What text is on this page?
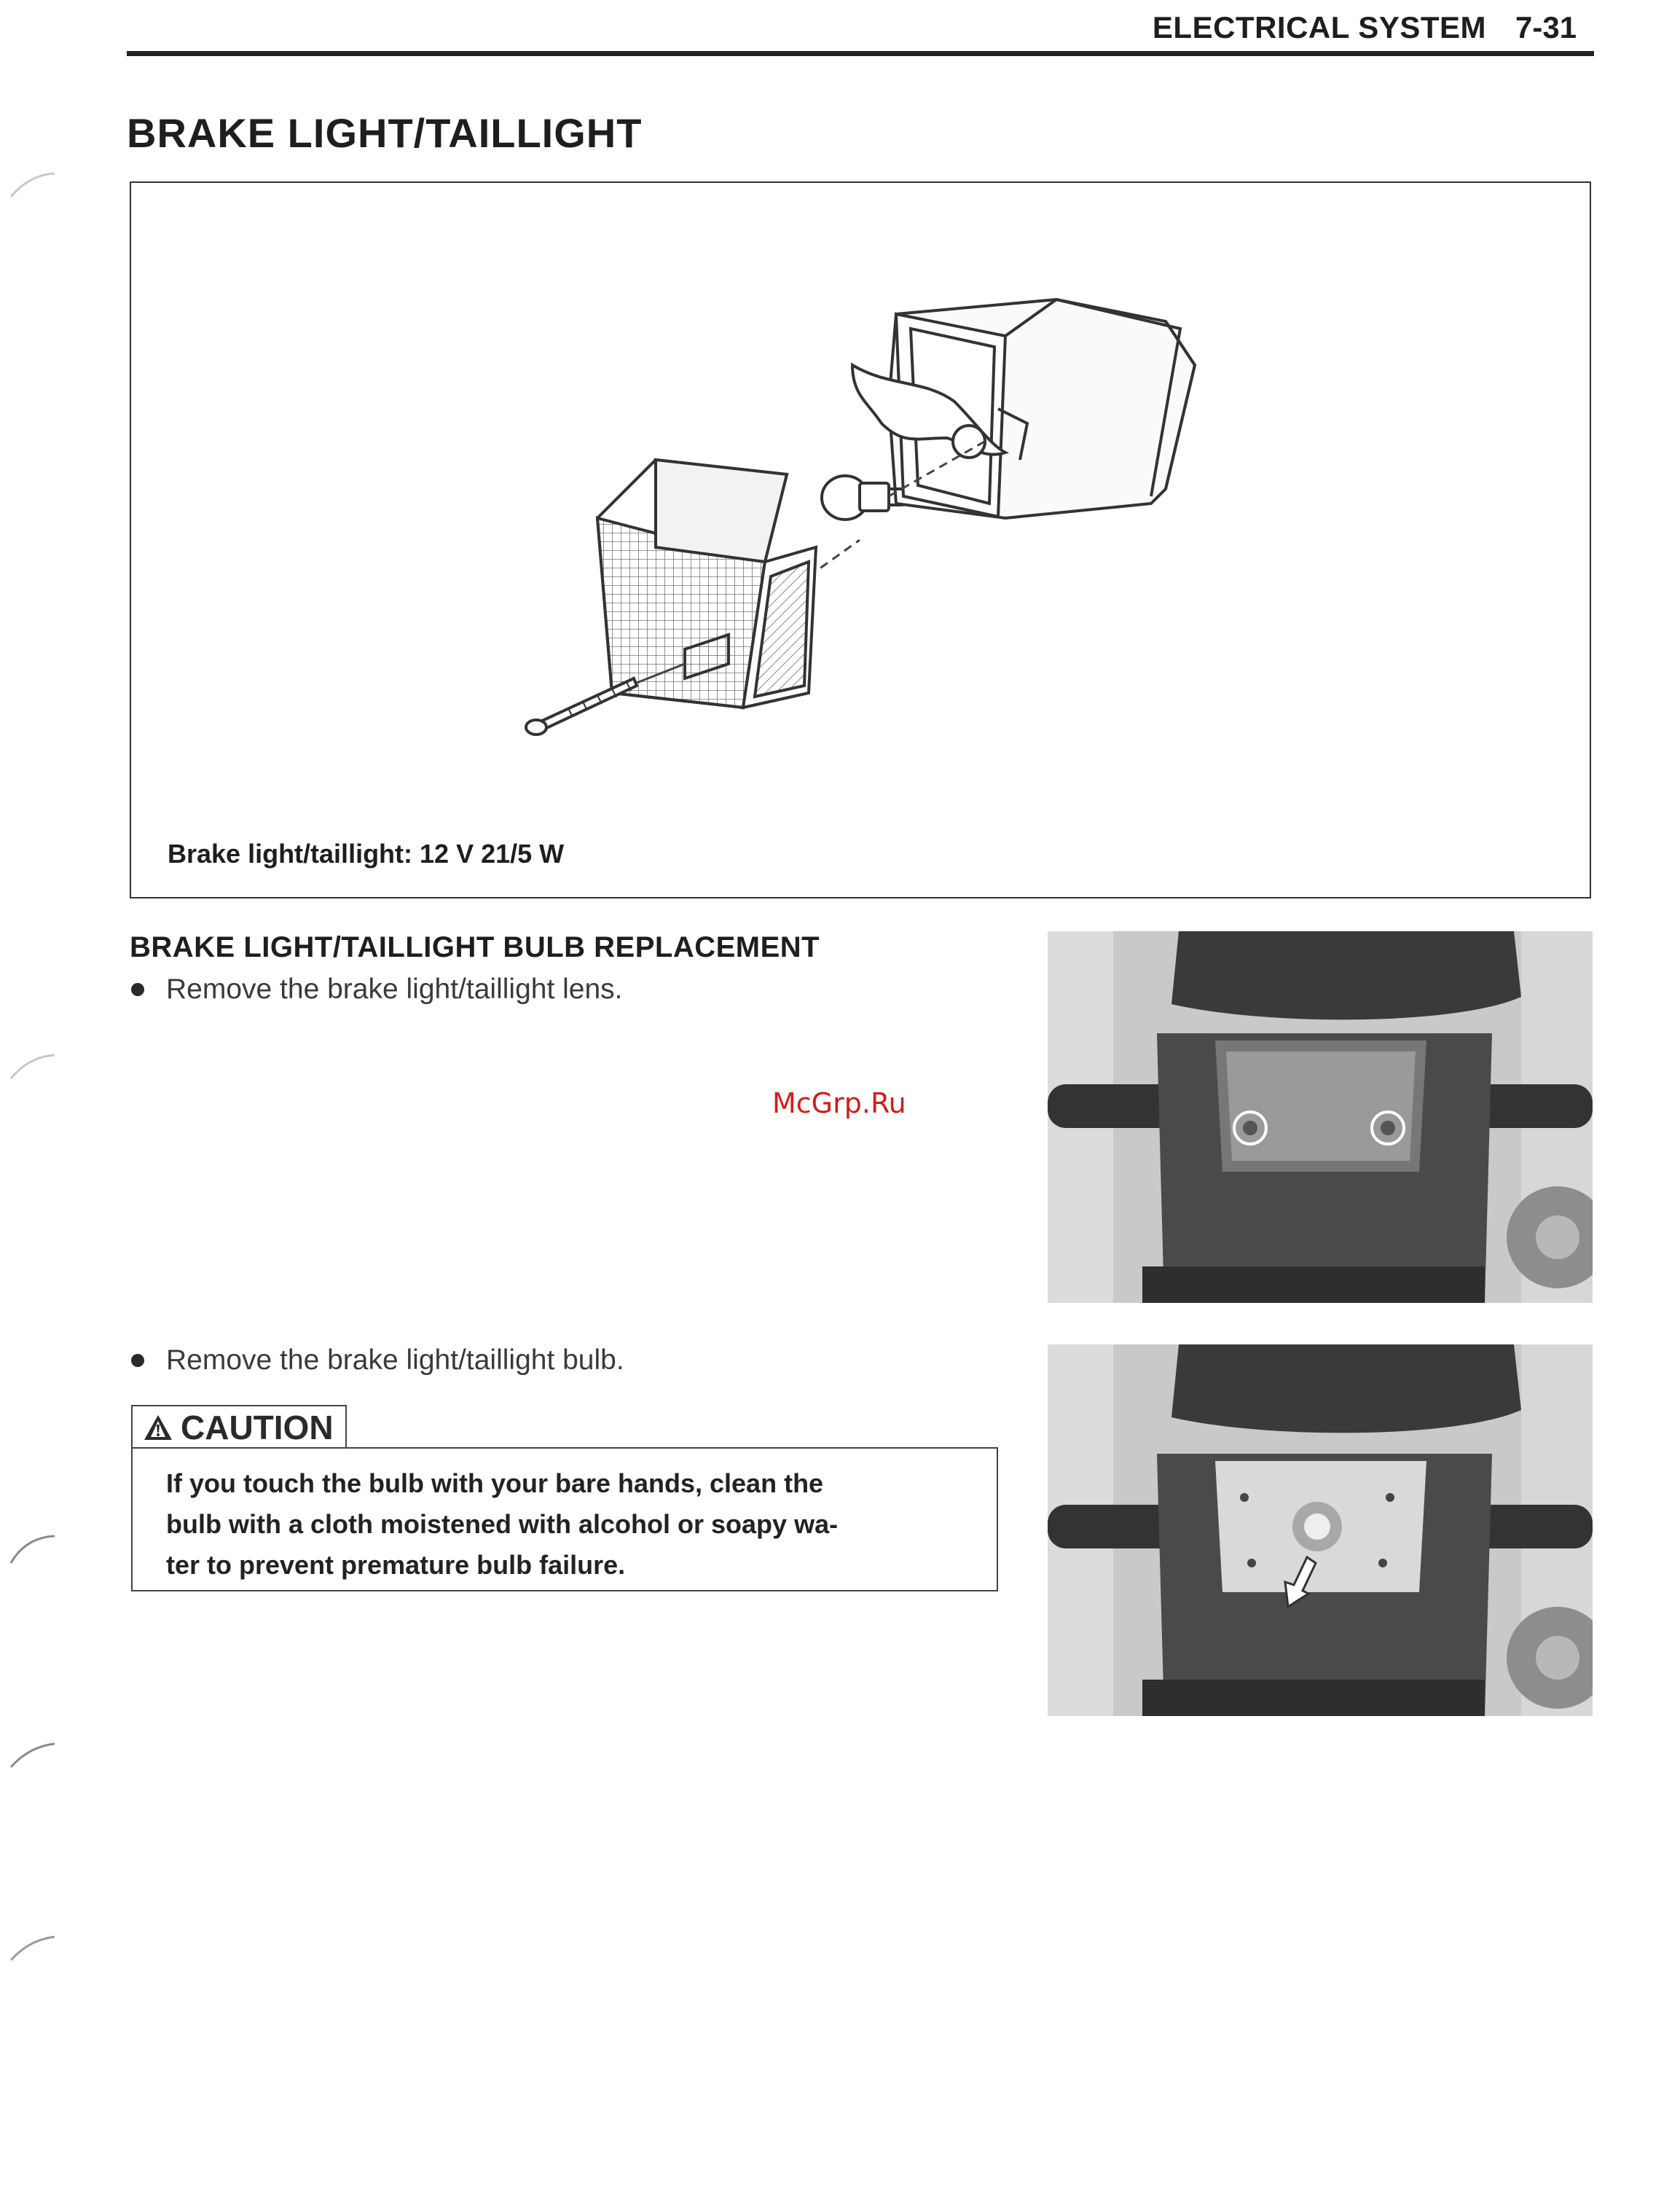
ELECTRICAL SYSTEM 7-31
BRAKE LIGHT/TAILLIGHT
Brake light/taillight: 12 V 21/5 W
BRAKE LIGHT/TAILLIGHT BULB REPLACEMENT
Remove the brake light/taillight lens.
McGrp.Ru
Remove the brake light/taillight bulb.
CAUTION
If you touch the bulb with your bare hands, clean the
bulb with a cloth moistened with alcohol or soapy wa-
ter to prevent premature bulb failure.
